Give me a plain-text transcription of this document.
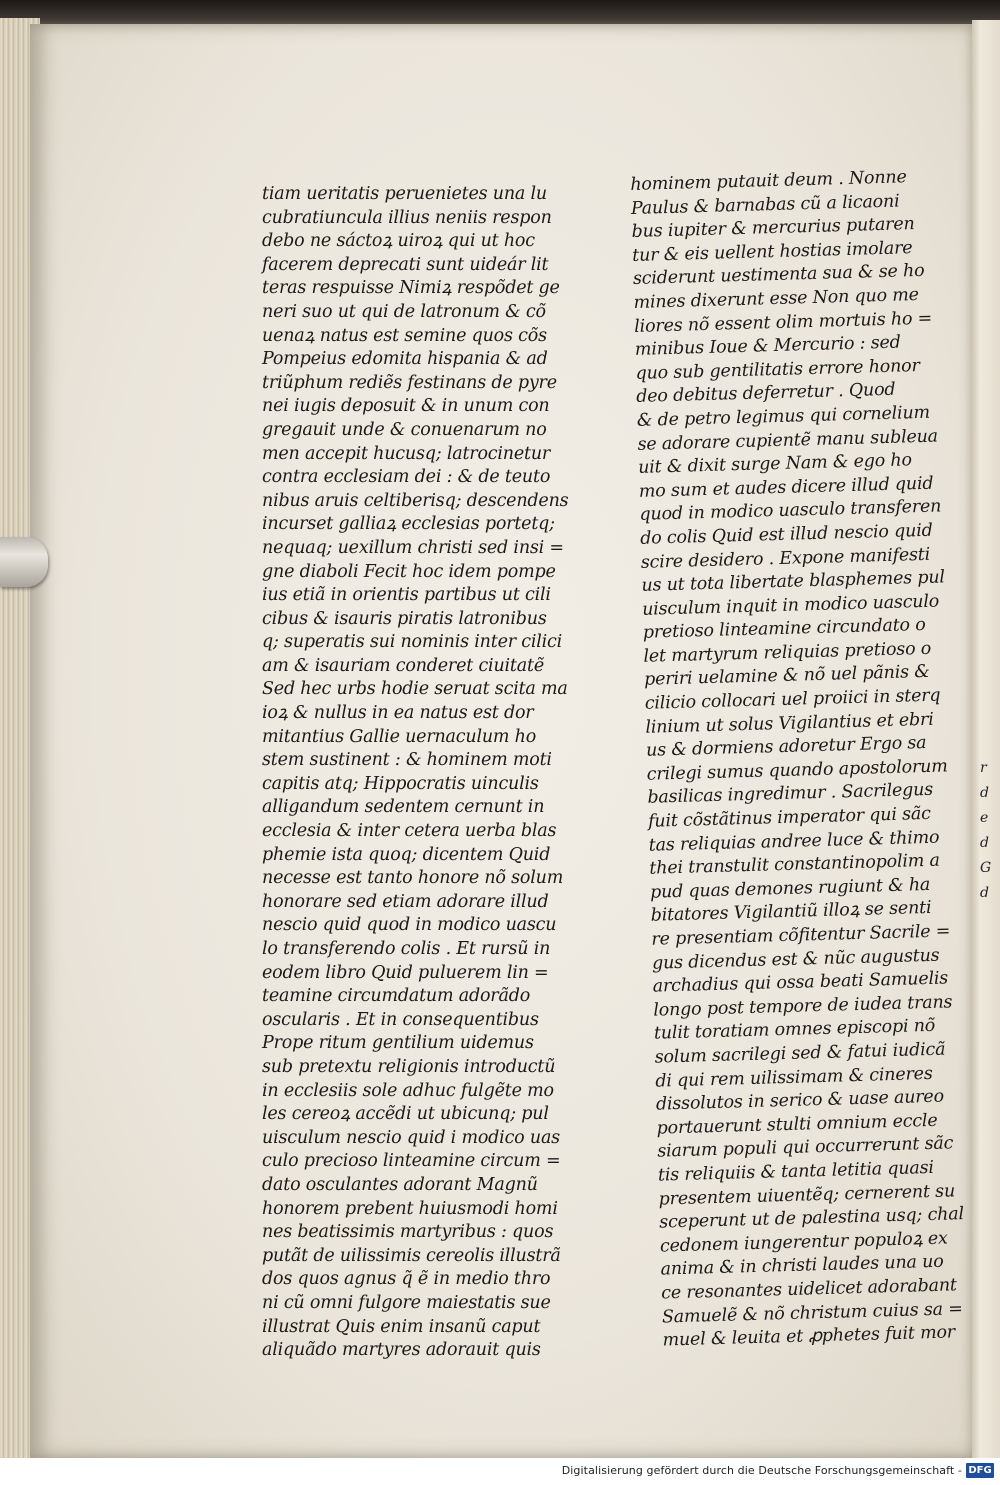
r
d
e
d
G
d
tiam ueritatis peruenietes una lu
cubratiuncula illius neniis respon
debo ne sáctoꝝ uiroꝝ qui ut hoc
facerem deprecati sunt uideár lit
teras respuisse Nimiꝝ respõdet ge
neri suo ut qui de latronum & cõ
uenaꝝ natus est semine quos cõs
Pompeius edomita hispania & ad
triũphum rediẽs festinans de pyre
nei iugis deposuit & in unum con
gregauit unde & conuenarum no
men accepit hucusq; latrocinetur
contra ecclesiam dei : & de teuto
nibus aruis celtiberisq; descendens
incurset galliaꝝ ecclesias portetq;
nequaq; uexillum christi sed insi =
gne diaboli Fecit hoc idem pompe
ius etiã in orientis partibus ut cili
cibus & isauris piratis latronibus
q; superatis sui nominis inter cilici
am & isauriam conderet ciuitatẽ
Sed hec urbs hodie seruat scita ma
ioꝝ & nullus in ea natus est dor
mitantius Gallie uernaculum ho
stem sustinent : & hominem moti
capitis atq; Hippocratis uinculis
alligandum sedentem cernunt in
ecclesia & inter cetera uerba blas
phemie ista quoq; dicentem Quid
necesse est tanto honore nõ solum
honorare sed etiam adorare illud
nescio quid quod in modico uascu
lo transferendo colis . Et rursũ in
eodem libro Quid puluerem lin =
teamine circumdatum adorãdo
oscularis . Et in consequentibus
Prope ritum gentilium uidemus
sub pretextu religionis introductũ
in ecclesiis sole adhuc fulgẽte mo
les cereoꝝ accẽdi ut ubicunq; pul
uisculum nescio quid i modico uas
culo precioso linteamine circum =
dato osculantes adorant Magnũ
honorem prebent huiusmodi homi
nes beatissimis martyribus : quos
putãt de uilissimis cereolis illustrã
dos quos agnus q̃ ẽ in medio thro
ni cũ omni fulgore maiestatis sue
illustrat Quis enim insanũ caput
aliquãdo martyres adorauit quis
hominem putauit deum . Nonne
Paulus & barnabas cũ a licaoni
bus iupiter & mercurius putaren
tur & eis uellent hostias imolare
sciderunt uestimenta sua & se ho
mines dixerunt esse Non quo me
liores nõ essent olim mortuis ho =
minibus Ioue & Mercurio : sed
quo sub gentilitatis errore honor
deo debitus deferretur . Quod
& de petro legimus qui cornelium
se adorare cupientẽ manu subleua
uit & dixit surge Nam & ego ho
mo sum et audes dicere illud quid
quod in modico uasculo transferen
do colis Quid est illud nescio quid
scire desidero . Expone manifesti
us ut tota libertate blasphemes pul
uisculum inquit in modico uasculo
pretioso linteamine circundato o
let martyrum reliquias pretioso o
periri uelamine & nõ uel pãnis &
cilicio collocari uel proiici in sterq
linium ut solus Vigilantius et ebri
us & dormiens adoretur Ergo sa
crilegi sumus quando apostolorum
basilicas ingredimur . Sacrilegus
fuit cõstãtinus imperator qui sãc
tas reliquias andree luce & thimo
thei transtulit constantinopolim a
pud quas demones rugiunt & ha
bitatores Vigilantiũ illoꝝ se senti
re presentiam cõfitentur Sacrile =
gus dicendus est & nũc augustus
archadius qui ossa beati Samuelis
longo post tempore de iudea trans
tulit toratiam omnes episcopi nõ
solum sacrilegi sed & fatui iudicã
di qui rem uilissimam & cineres
dissolutos in serico & uase aureo
portauerunt stulti omnium eccle
siarum populi qui occurrerunt sãc
tis reliquiis & tanta letitia quasi
presentem uiuentẽq; cernerent su
sceperunt ut de palestina usq; chal
cedonem iungerentur populoꝝ ex
anima & in christi laudes una uo
ce resonantes uidelicet adorabant
Samuelẽ & nõ christum cuius sa =
muel & leuita et ꝓphetes fuit mor
Digitalisierung gefördert durch die Deutsche Forschungsgemeinschaft - DFG
